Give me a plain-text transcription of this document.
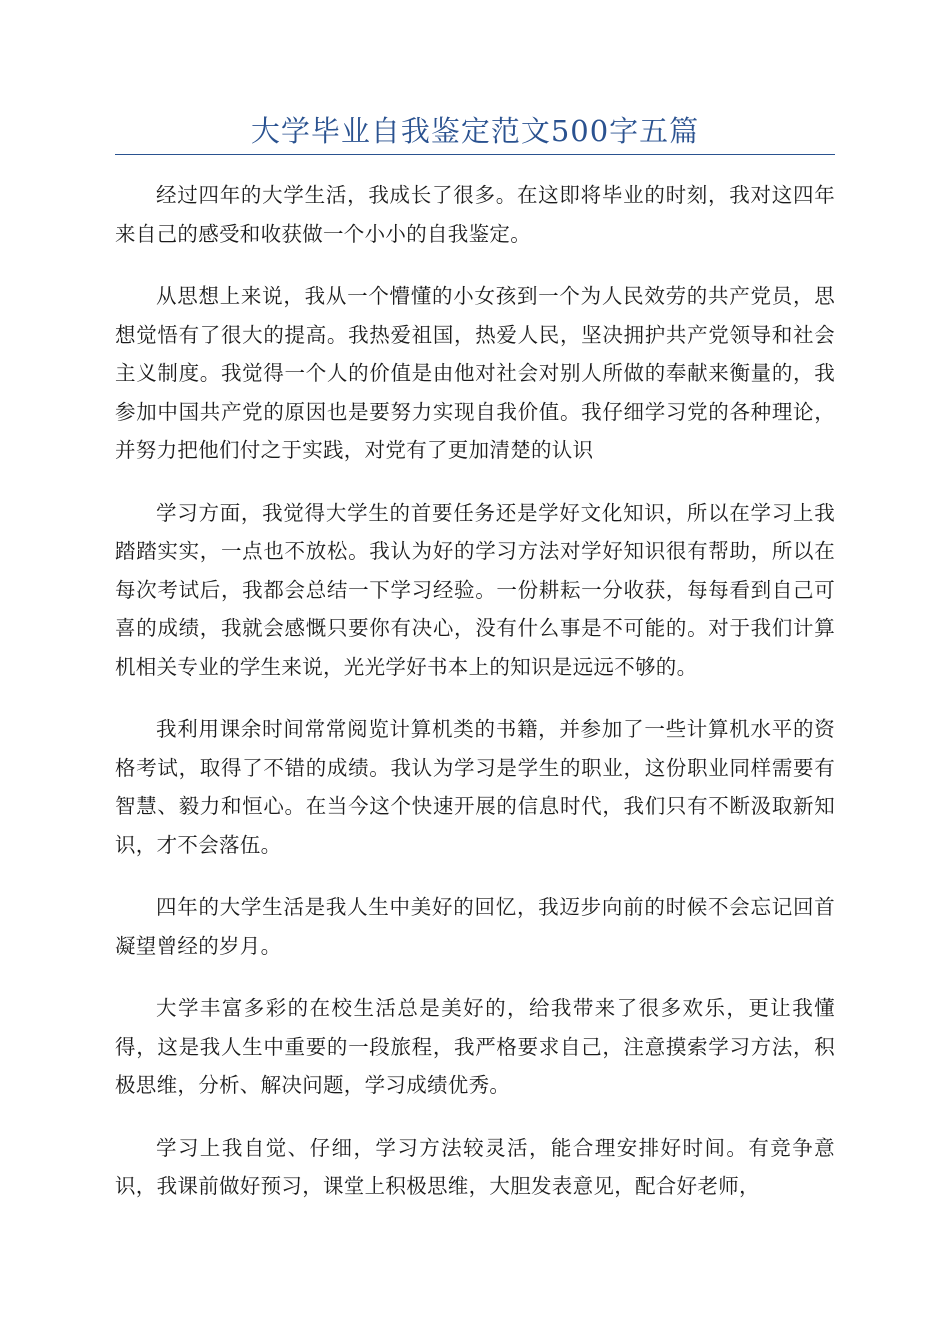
大学毕业自我鉴定范文500字五篇

经过四年的大学生活，我成长了很多。在这即将毕业的时刻，我对这四年来自己的感受和收获做一个小小的自我鉴定。

从思想上来说，我从一个懵懂的小女孩到一个为人民效劳的共产党员，思想觉悟有了很大的提高。我热爱祖国，热爱人民，坚决拥护共产党领导和社会主义制度。我觉得一个人的价值是由他对社会对别人所做的奉献来衡量的，我参加中国共产党的原因也是要努力实现自我价值。我仔细学习党的各种理论，并努力把他们付之于实践，对党有了更加清楚的认识

学习方面，我觉得大学生的首要任务还是学好文化知识，所以在学习上我踏踏实实，一点也不放松。我认为好的学习方法对学好知识很有帮助，所以在每次考试后，我都会总结一下学习经验。一份耕耘一分收获，每每看到自己可喜的成绩，我就会感慨只要你有决心，没有什么事是不可能的。对于我们计算机相关专业的学生来说，光光学好书本上的知识是远远不够的。

我利用课余时间常常阅览计算机类的书籍，并参加了一些计算机水平的资格考试，取得了不错的成绩。我认为学习是学生的职业，这份职业同样需要有智慧、毅力和恒心。在当今这个快速开展的信息时代，我们只有不断汲取新知识，才不会落伍。

四年的大学生活是我人生中美好的回忆，我迈步向前的时候不会忘记回首凝望曾经的岁月。

大学丰富多彩的在校生活总是美好的，给我带来了很多欢乐，更让我懂得，这是我人生中重要的一段旅程，我严格要求自己，注意摸索学习方法，积极思维，分析、解决问题，学习成绩优秀。

学习上我自觉、仔细，学习方法较灵活，能合理安排好时间。有竞争意识，我课前做好预习，课堂上积极思维，大胆发表意见，配合好老师，
